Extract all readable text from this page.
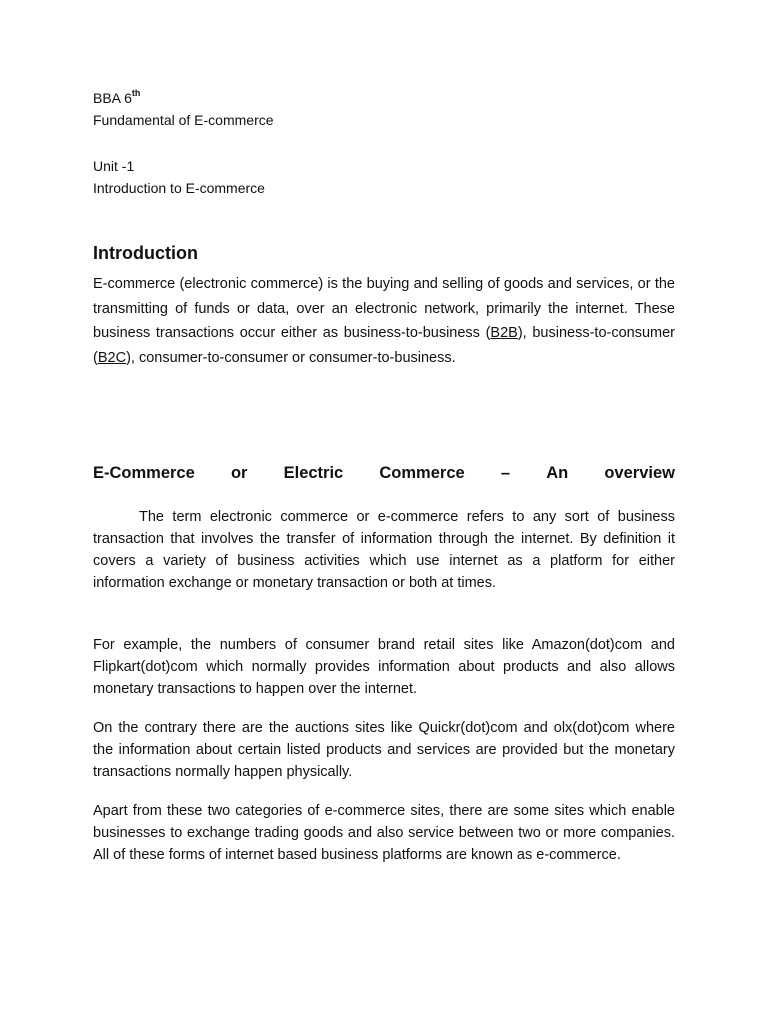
BBA 6th
Fundamental of E-commerce
Unit -1
Introduction to E-commerce
Introduction
E-commerce (electronic commerce) is the buying and selling of goods and services, or the transmitting of funds or data, over an electronic network, primarily the internet. These business transactions occur either as business-to-business (B2B), business-to-consumer (B2C), consumer-to-consumer or consumer-to-business.
E-Commerce or Electric Commerce – An overview
The term electronic commerce or e-commerce refers to any sort of business transaction that involves the transfer of information through the internet. By definition it covers a variety of business activities which use internet as a platform for either information exchange or monetary transaction or both at times.
For example, the numbers of consumer brand retail sites like Amazon(dot)com and Flipkart(dot)com which normally provides information about products and also allows monetary transactions to happen over the internet.
On the contrary there are the auctions sites like Quickr(dot)com and olx(dot)com where the information about certain listed products and services are provided but the monetary transactions normally happen physically.
Apart from these two categories of e-commerce sites, there are some sites which enable businesses to exchange trading goods and also service between two or more companies. All of these forms of internet based business platforms are known as e-commerce.
